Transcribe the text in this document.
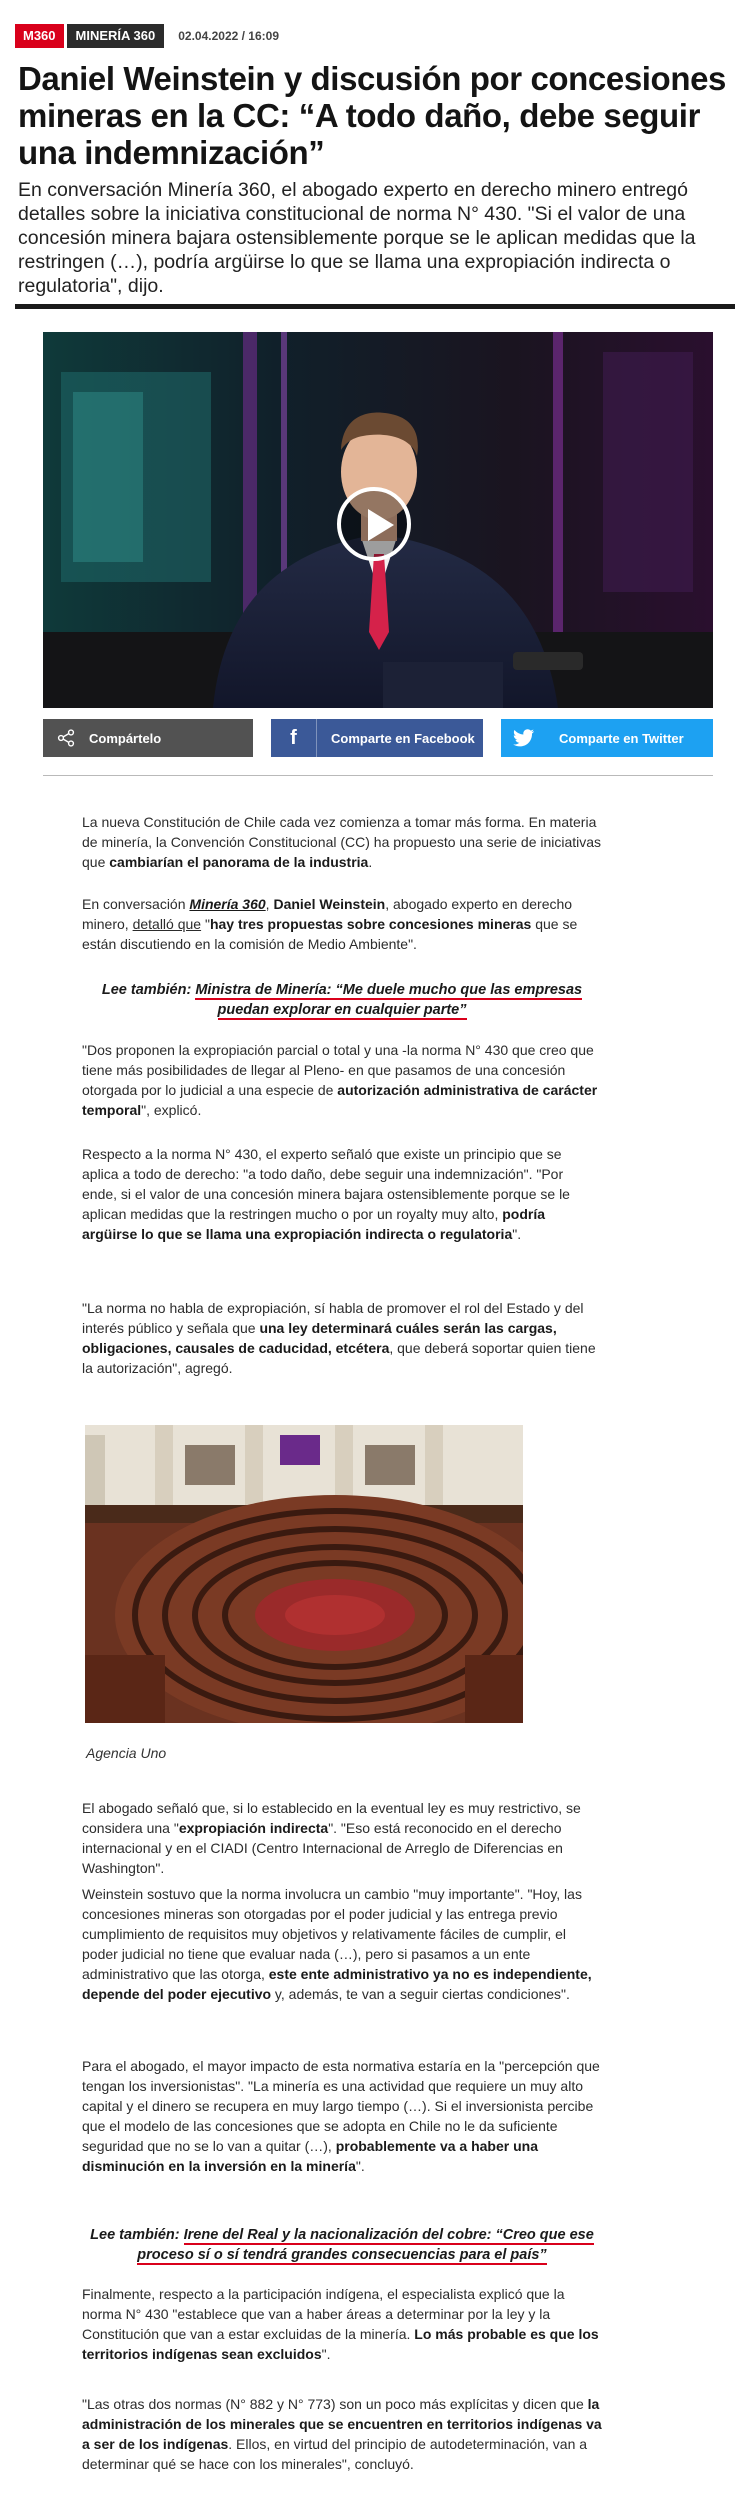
M360	MINERÍA 360	02.04.2022 / 16:09
Daniel Weinstein y discusión por concesiones mineras en la CC: “A todo daño, debe seguir una indemnización”

En conversación Minería 360, el abogado experto en derecho minero entregó detalles sobre la iniciativa constitucional de norma N° 430. "Si el valor de una concesión minera bajara ostensiblemente porque se le aplican medidas que la restringen (…), podría argüirse lo que se llama una expropiación indirecta o regulatoria", dijo.

Compártelo	f	Comparte en Facebook	Comparte en Twitter

La nueva Constitución de Chile cada vez comienza a tomar más forma. En materia de minería, la Convención Constitucional (CC) ha propuesto una serie de iniciativas que cambiarían el panorama de la industria.

En conversación Minería 360, Daniel Weinstein, abogado experto en derecho minero, detalló que "hay tres propuestas sobre concesiones mineras que se están discutiendo en la comisión de Medio Ambiente".

Lee también: Ministra de Minería: “Me duele mucho que las empresas puedan explorar en cualquier parte”

"Dos proponen la expropiación parcial o total y una -la norma N° 430 que creo que tiene más posibilidades de llegar al Pleno- en que pasamos de una concesión otorgada por lo judicial a una especie de autorización administrativa de carácter temporal", explicó.

Respecto a la norma N° 430, el experto señaló que existe un principio que se aplica a todo de derecho: "a todo daño, debe seguir una indemnización". "Por ende, si el valor de una concesión minera bajara ostensiblemente porque se le aplican medidas que la restringen mucho o por un royalty muy alto, podría argüirse lo que se llama una expropiación indirecta o regulatoria".

"La norma no habla de expropiación, sí habla de promover el rol del Estado y del interés público y señala que una ley determinará cuáles serán las cargas, obligaciones, causales de caducidad, etcétera, que deberá soportar quien tiene la autorización", agregó.

Agencia Uno

El abogado señaló que, si lo establecido en la eventual ley es muy restrictivo, se considera una "expropiación indirecta". "Eso está reconocido en el derecho internacional y en el CIADI (Centro Internacional de Arreglo de Diferencias en Washington".

Weinstein sostuvo que la norma involucra un cambio "muy importante". "Hoy, las concesiones mineras son otorgadas por el poder judicial y las entrega previo cumplimiento de requisitos muy objetivos y relativamente fáciles de cumplir, el poder judicial no tiene que evaluar nada (…), pero si pasamos a un ente administrativo que las otorga, este ente administrativo ya no es independiente, depende del poder ejecutivo y, además, te van a seguir ciertas condiciones".

Para el abogado, el mayor impacto de esta normativa estaría en la "percepción que tengan los inversionistas". "La minería es una actividad que requiere un muy alto capital y el dinero se recupera en muy largo tiempo (…). Si el inversionista percibe que el modelo de las concesiones que se adopta en Chile no le da suficiente seguridad que no se lo van a quitar (…), probablemente va a haber una disminución en la inversión en la minería".

Lee también: Irene del Real y la nacionalización del cobre: “Creo que ese proceso sí o sí tendrá grandes consecuencias para el país”

Finalmente, respecto a la participación indígena, el especialista explicó que la norma N° 430 "establece que van a haber áreas a determinar por la ley y la Constitución que van a estar excluidas de la minería. Lo más probable es que los territorios indígenas sean excluidos".

"Las otras dos normas (N° 882 y N° 773) son un poco más explícitas y dicen que la administración de los minerales que se encuentren en territorios indígenas va a ser de los indígenas. Ellos, en virtud del principio de autodeterminación, van a determinar qué se hace con los minerales", concluyó.
